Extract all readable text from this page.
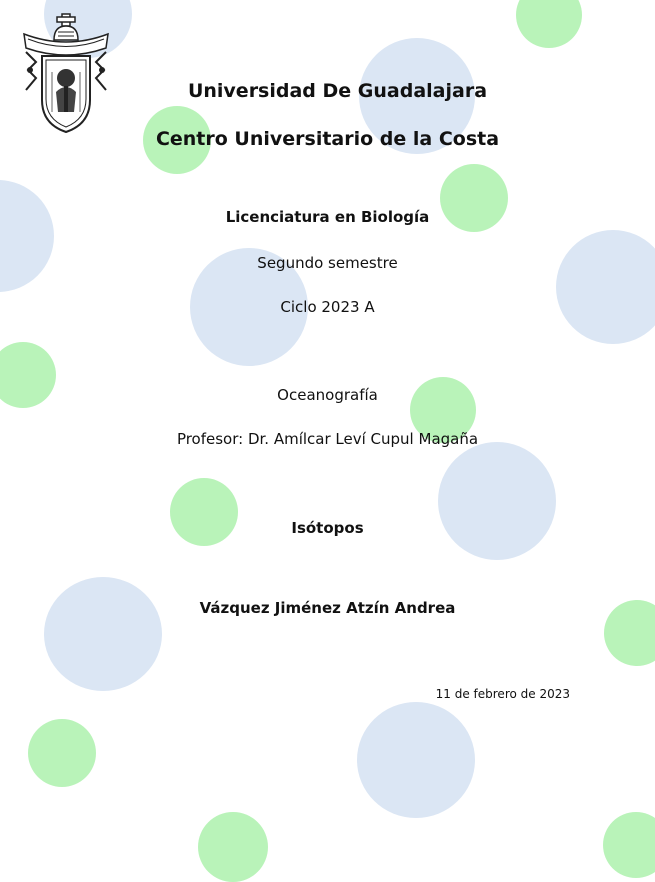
Universidad De Guadalajara
Centro Universitario de la Costa
Licenciatura en Biología
Segundo semestre
Ciclo 2023 A
Oceanografía
Profesor: Dr. Amílcar Leví Cupul Magaña
Isótopos
Vázquez Jiménez Atzín Andrea
11 de febrero de 2023
